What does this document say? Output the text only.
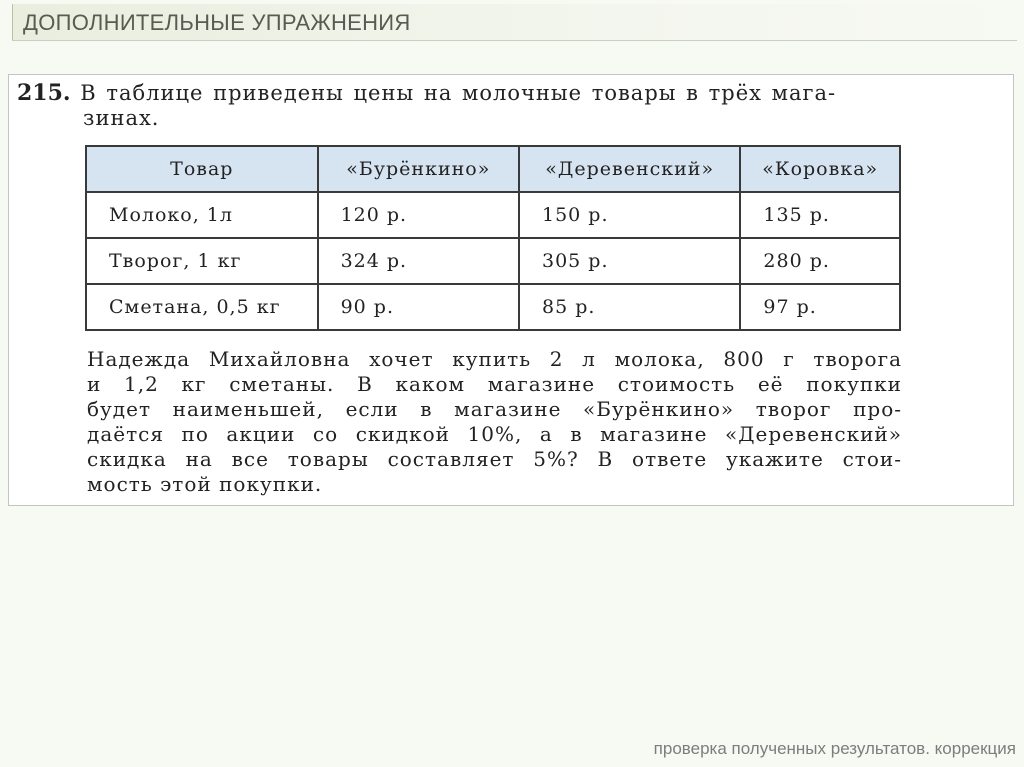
ДОПОЛНИТЕЛЬНЫЕ УПРАЖНЕНИЯ
215. В таблице приведены цены на молочные товары в трёх мага-
зинах.
Товар	«Бурёнкино»	«Деревенский»	«Коровка»
Молоко, 1л	120 р.	150 р.	135 р.
Творог, 1 кг	324 р.	305 р.	280 р.
Сметана, 0,5 кг	90 р.	85 р.	97 р.
Надежда Михайловна хочет купить 2 л молока, 800 г творога
и 1,2 кг сметаны. В каком магазине стоимость её покупки
будет наименьшей, если в магазине «Бурёнкино» творог про-
даётся по акции со скидкой 10%, а в магазине «Деревенский»
скидка на все товары составляет 5%? В ответе укажите стои-
мость этой покупки.
проверка полученных результатов. коррекция
